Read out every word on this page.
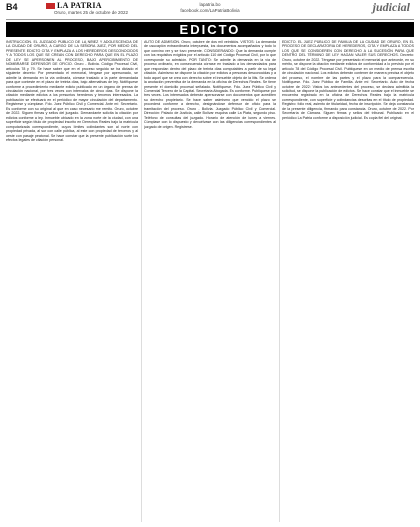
B4	LA PATRIA
Oruro, martes 25 de octubre de 2022
lapatria.bo
facebook.com/LaPatriaBolivia	judicial
EDICTO
INSTRUCCIÓN. EL JUZGADO PÚBLICO DE LA NIÑEZ Y ADOLESCENCIA DE LA CIUDAD DE ORURO, A CARGO DE LA SEÑORA JUEZ, POR MEDIO DEL PRESENTE EDICTO CITA Y EMPLAZA A LOS HEREDEROS DESCONOCIDOS Y A TODOS LOS QUE SE CREAN CON DERECHO PARA QUE EN EL PLAZO DE LEY SE APERSONEN AL PROCESO, BAJO APERCIBIMIENTO DE NOMBRARSE DEFENSOR DE OFICIO. Oruro - Bolivia. Código Procesal Civil, artículos 78 y 79. Se hace saber que en el proceso seguido se ha dictado el siguiente decreto: Por presentado el memorial, téngase por apersonado, se admite la demanda en la vía ordinaria, córrase traslado a la parte demandada para que conteste en el plazo de treinta días, bajo alternativas de ley. Notifíquese conforme a procedimiento mediante edicto publicado en un órgano de prensa de circulación nacional, por tres veces con intervalos de cinco días. Se dispone la citación mediante edictos a los presuntos herederos y terceros interesados. La publicación se efectuará en el periódico de mayor circulación del departamento. Registrese y cúmplase. Fdo. Juez Público Civil y Comercial. Ante mí: Secretario. Es conforme con su original al que en caso necesario me remito. Oruro, octubre de 2022. Siguen firmas y sellos del juzgado. Demandante solicita la citación por edictos conforme a ley. Inmueble ubicado en la zona norte de la ciudad, con una superficie según título de propiedad inscrito en Derechos Reales bajo la matrícula computarizada correspondiente, cuyos límites colindantes son al norte con propiedad privada, al sur con calle pública, al este con propiedad de terceros y al oeste con pasaje peatonal. Se hace constar que la presente publicación surte los efectos legales de citación personal.
AUTO DE ADMISIÓN. Oruro, octubre de dos mil veintidós. VISTOS: La demanda de usucapión extraordinaria interpuesta, los documentos acompañados y todo lo que convino ver y se tuvo presente. CONSIDERANDO: Que la demanda cumple con los requisitos exigidos por el artículo 110 del Código Procesal Civil, por lo que corresponde su admisión. POR TANTO: Se admite la demanda en la vía de proceso ordinario, en consecuencia córrase en traslado a los demandados para que respondan dentro del plazo de treinta días computables a partir de su legal citación. Asimismo se dispone la citación por edictos a personas desconocidas y a todo aquel que se crea con derecho sobre el inmueble objeto de la litis. Se ordena la anotación preventiva de la demanda en la oficina de Derechos Reales. Se tiene presente el domicilio procesal señalado. Notifíquese. Fdo. Juez Público Civil y Comercial Tercero de la Capital. Secretaria Abogada. Es conforme. Publíquese por tres veces. Los interesados deberán apersonarse con documentos que acrediten su derecho propietario. Se hace saber asimismo que vencido el plazo se procederá conforme a derecho, designándose defensor de oficio para la tramitación del proceso. Oruro - Bolivia. Juzgado Público Civil y Comercial. Dirección: Palacio de Justicia, calle Bolívar esquina calle La Plata, segundo piso. Teléfono de consultas del juzgado. Horario de atención de lunes a viernes. Cúmplase con lo dispuesto y devuélvase con las diligencias correspondientes al juzgado de origen. Registrese.
EDICTO. EL JUEZ PÚBLICO DE FAMILIA DE LA CIUDAD DE ORURO, EN EL PROCESO DE DECLARATORIA DE HEREDEROS, CITA Y EMPLAZA A TODOS LOS QUE SE CONSIDEREN CON DERECHO A LA SUCESIÓN PARA QUE DENTRO DEL TÉRMINO DE LEY HAGAN VALER SUS DERECHOS. Decreto: Oruro, octubre de 2022. Téngase por presentado el memorial que antecede, en su mérito, se dispone la citación mediante edictos de conformidad a lo previsto por el artículo 78 del Código Procesal Civil. Publíquese en un medio de prensa escrita de circulación nacional. Los edictos deberán contener de manera precisa el objeto del proceso, el nombre de las partes y el plazo para la comparecencia. Notifíquese. Fdo. Juez Público de Familia. Ante mí: Secretario. Auto de fecha octubre de 2022: Vistos los antecedentes del proceso, se declara admitida la solicitud, se dispone la publicación de edictos. Se hace constar que el inmueble se encuentra registrado en la oficina de Derechos Reales bajo la matrícula correspondiente, con superficie y colindancias descritas en el título de propiedad. Registro: folio real, asiento de titularidad, fecha de inscripción. Se deja constancia de la presente diligencia, firmando para constancia. Oruro, octubre de 2022. Por Secretaría de Cámara. Siguen firmas y sellos del tribunal. Publicado en el periódico La Patria conforme a disposición judicial. Es copia fiel del original.
